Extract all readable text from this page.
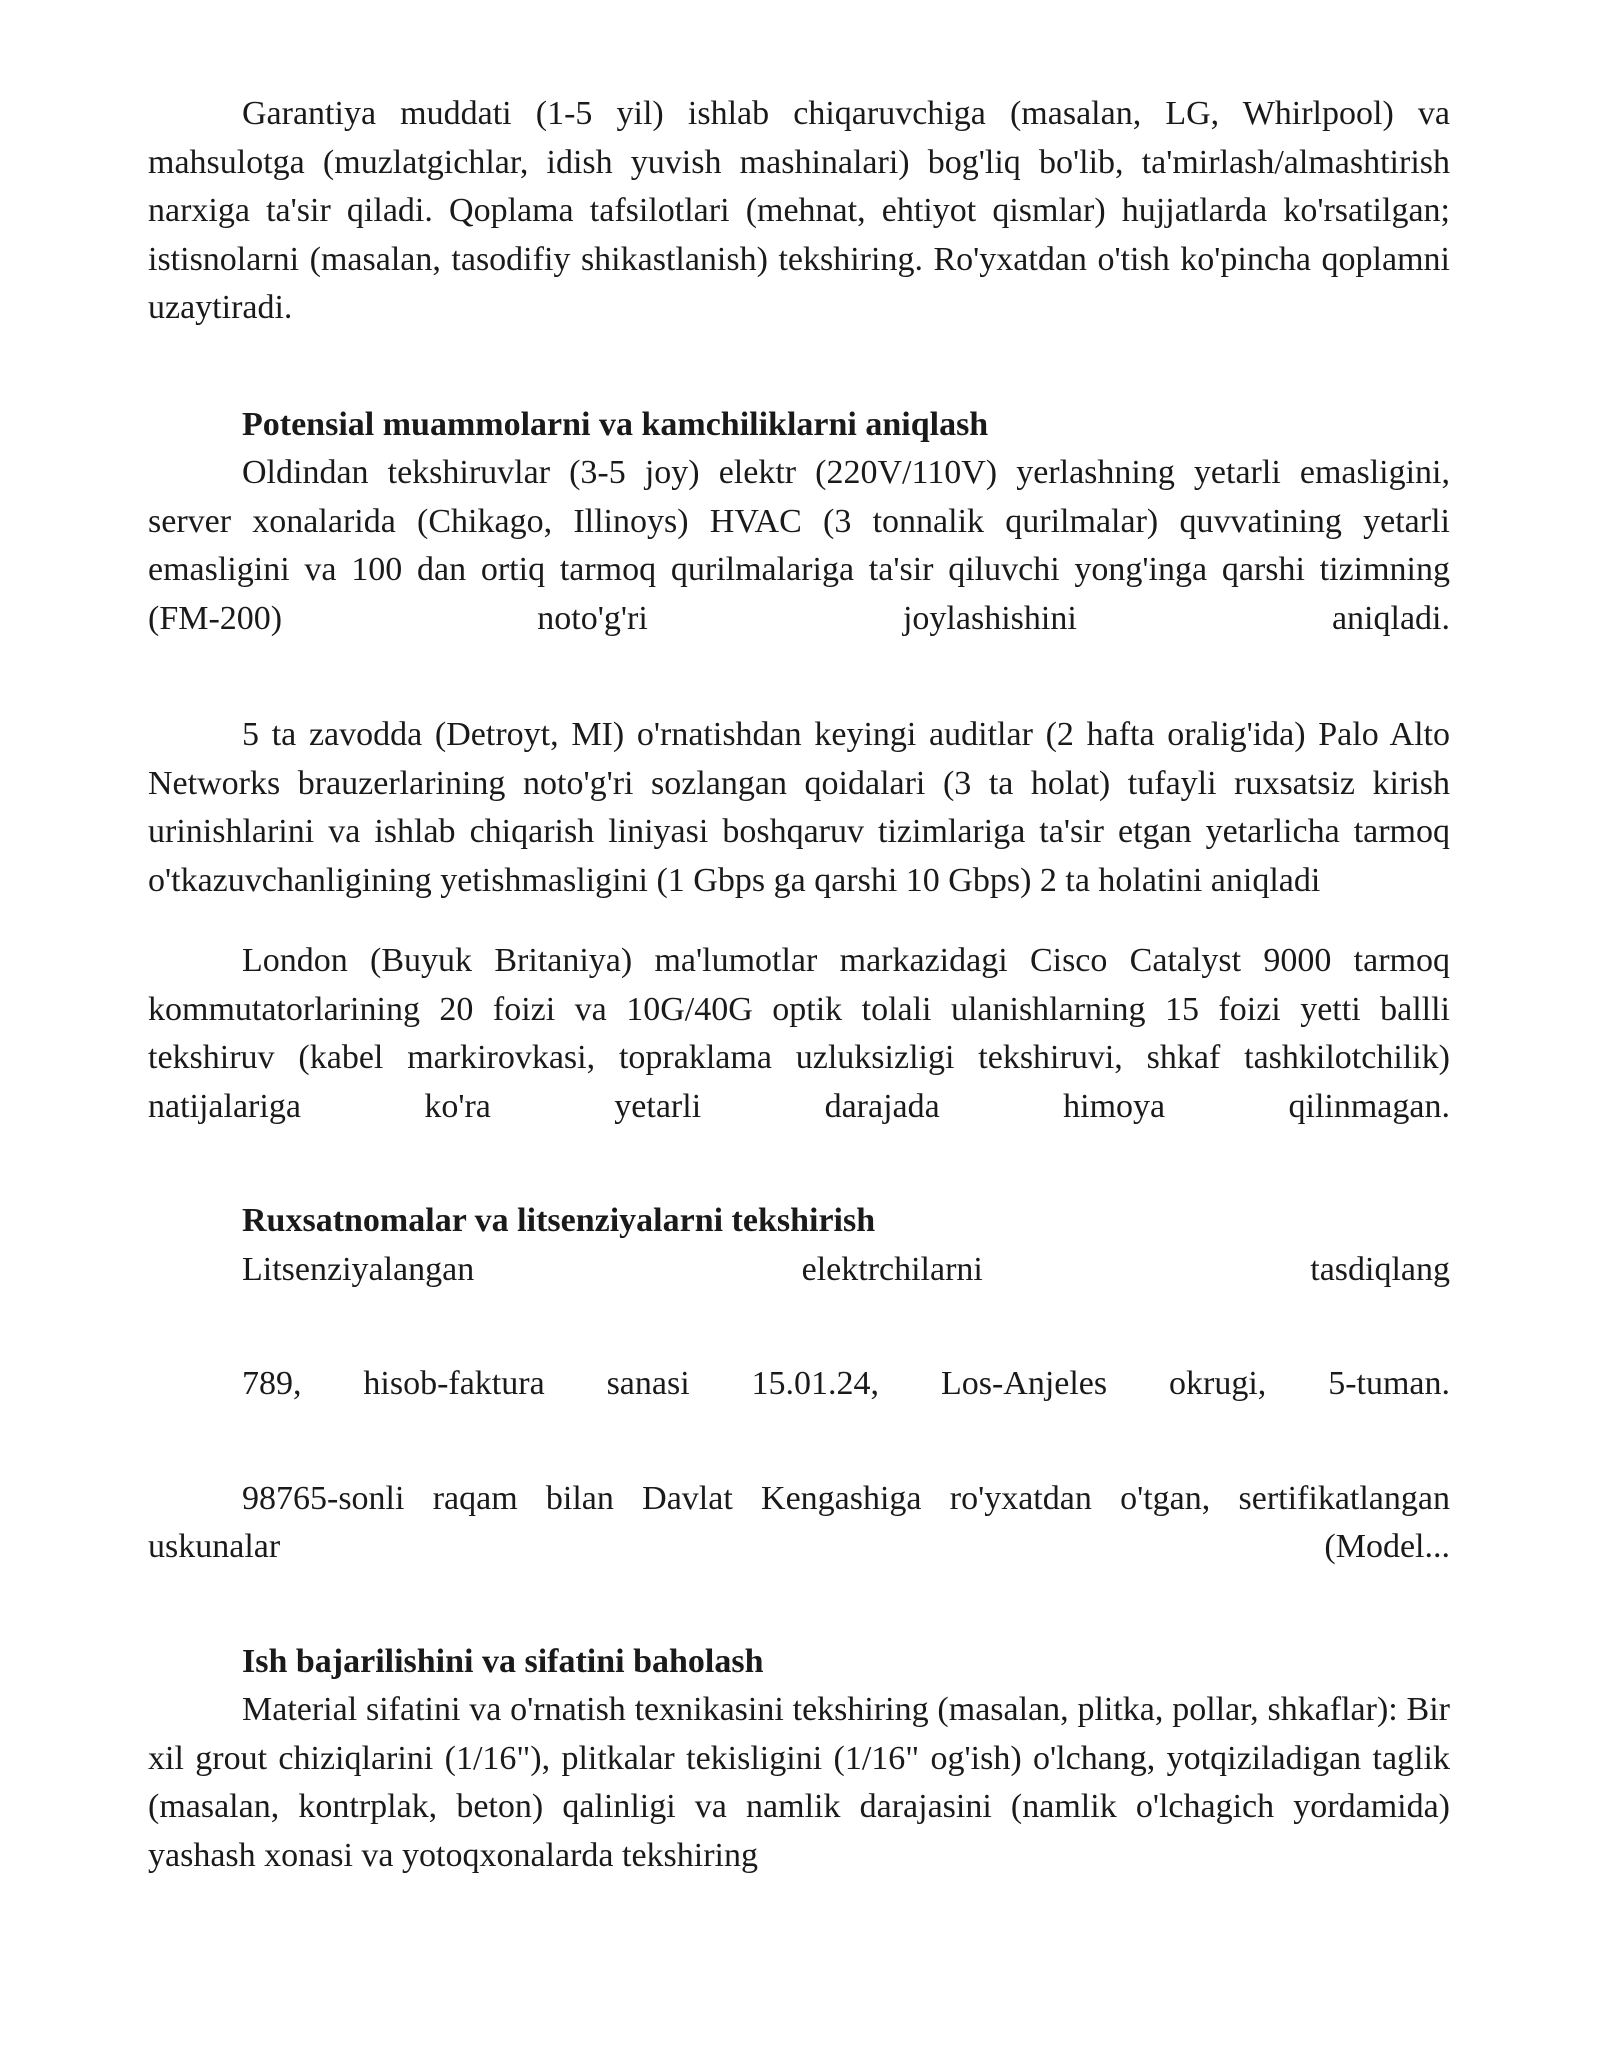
Garantiya muddati (1-5 yil) ishlab chiqaruvchiga (masalan, LG, Whirlpool) va mahsulotga (muzlatgichlar, idish yuvish mashinalari) bog'liq bo'lib, ta'mirlash/almashtirish narxiga ta'sir qiladi. Qoplama tafsilotlari (mehnat, ehtiyot qismlar) hujjatlarda ko'rsatilgan; istisnolarni (masalan, tasodifiy shikastlanish) tekshiring. Ro'yxatdan o'tish ko'pincha qoplamni uzaytiradi.

Potensial muammolarni va kamchiliklarni aniqlash

Oldindan tekshiruvlar (3-5 joy) elektr (220V/110V) yerlashning yetarli emasligini, server xonalarida (Chikago, Illinoys) HVAC (3 tonnalik qurilmalar) quvvatining yetarli emasligini va 100 dan ortiq tarmoq qurilmalariga ta'sir qiluvchi yong'inga qarshi tizimning (FM-200) noto'g'ri joylashishini aniqladi.

5 ta zavodda (Detroyt, MI) o'rnatishdan keyingi auditlar (2 hafta oralig'ida) Palo Alto Networks brauzerlarining noto'g'ri sozlangan qoidalari (3 ta holat) tufayli ruxsatsiz kirish urinishlarini va ishlab chiqarish liniyasi boshqaruv tizimlariga ta'sir etgan yetarlicha tarmoq o'tkazuvchanligining yetishmasligini (1 Gbps ga qarshi 10 Gbps) 2 ta holatini aniqladi

London (Buyuk Britaniya) ma'lumotlar markazidagi Cisco Catalyst 9000 tarmoq kommutatorlarining 20 foizi va 10G/40G optik tolali ulanishlarning 15 foizi yetti ballli tekshiruv (kabel markirovkasi, topraklama uzluksizligi tekshiruvi, shkaf tashkilotchilik) natijalariga ko'ra yetarli darajada himoya qilinmagan.

Ruxsatnomalar va litsenziyalarni tekshirish

Litsenziyalangan elektrchilarni tasdiqlang

789, hisob-faktura sanasi 15.01.24, Los-Anjeles okrugi, 5-tuman.

98765-sonli raqam bilan Davlat Kengashiga ro'yxatdan o'tgan, sertifikatlangan uskunalar (Model...

Ish bajarilishini va sifatini baholash

Material sifatini va o'rnatish texnikasini tekshiring (masalan, plitka, pollar, shkaflar): Bir xil grout chiziqlarini (1/16"), plitkalar tekisligini (1/16" og'ish) o'lchang, yotqiziladigan taglik (masalan, kontrplak, beton) qalinligi va namlik darajasini (namlik o'lchagich yordamida) yashash xonasi va yotoqxonalarda tekshiring
